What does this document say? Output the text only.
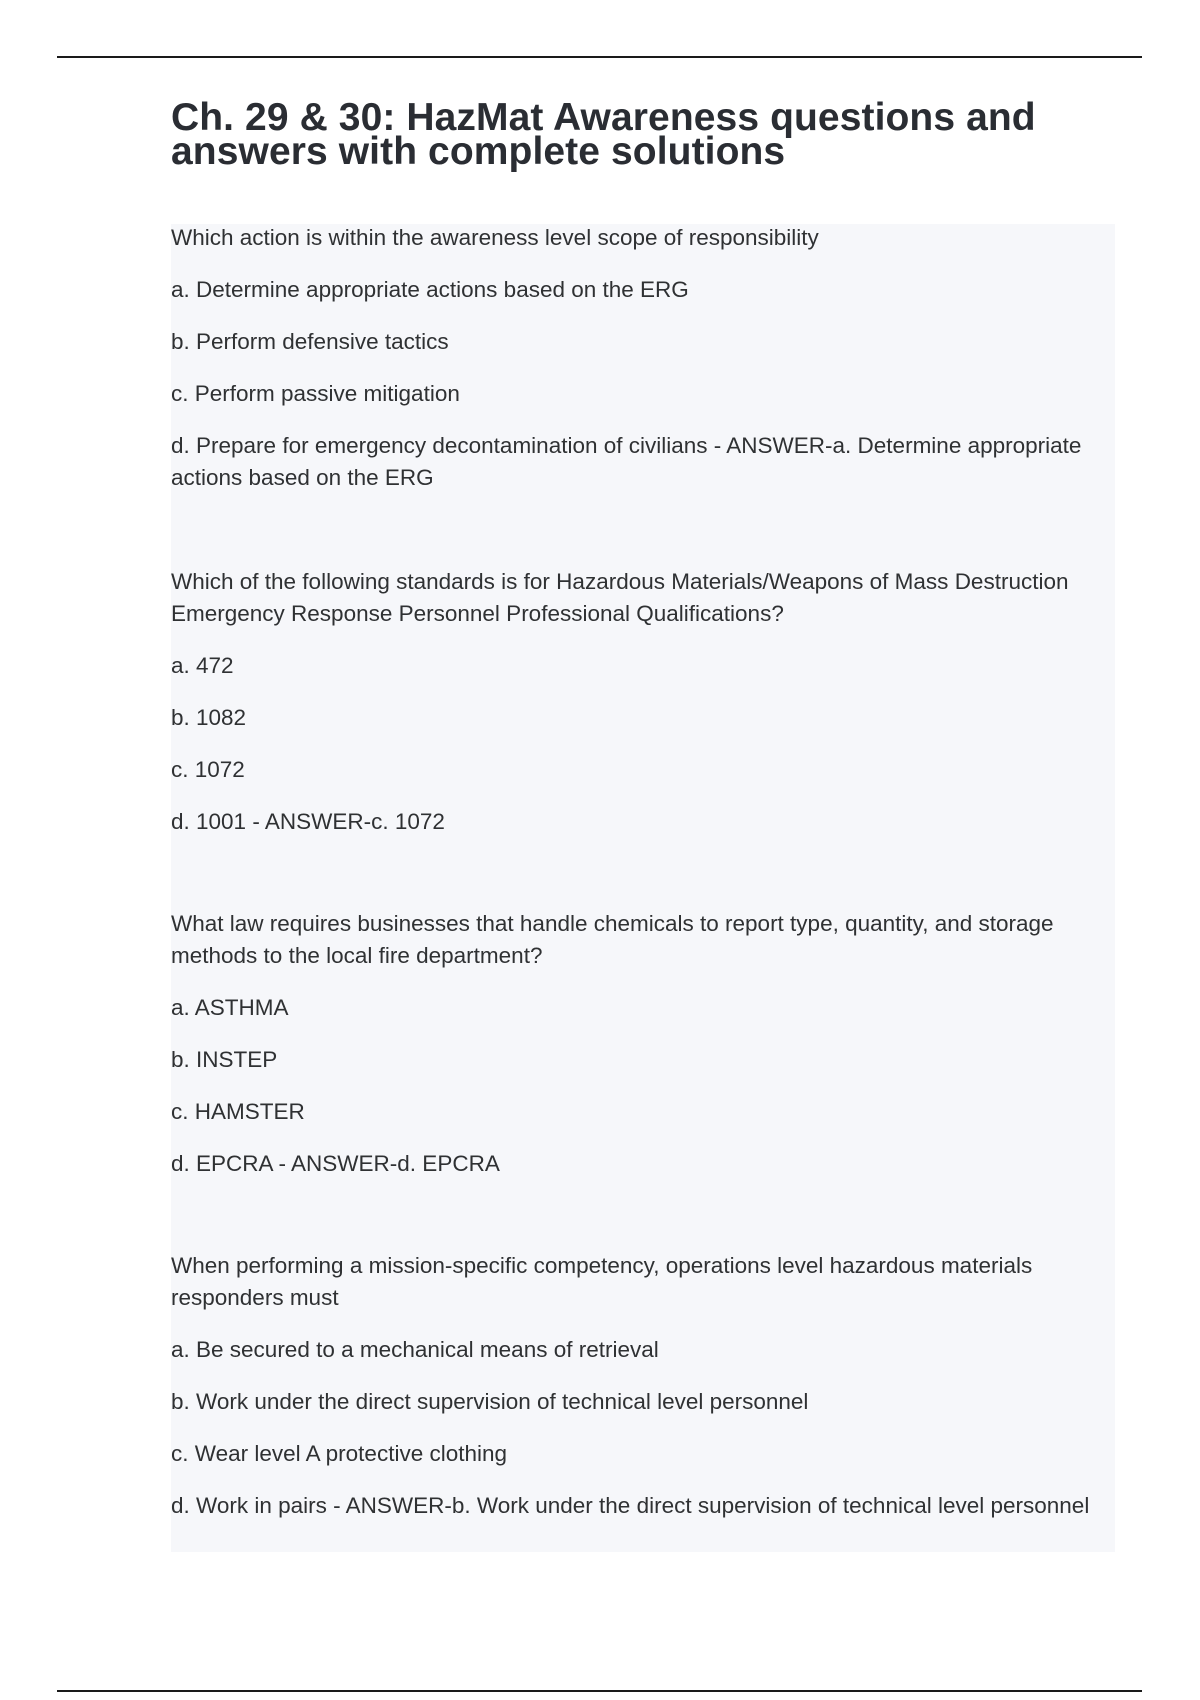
Ch. 29 & 30: HazMat Awareness questions and answers with complete solutions

Which action is within the awareness level scope of responsibility

a. Determine appropriate actions based on the ERG

b. Perform defensive tactics

c. Perform passive mitigation

d. Prepare for emergency decontamination of civilians - ANSWER-a. Determine appropriate actions based on the ERG

Which of the following standards is for Hazardous Materials/Weapons of Mass Destruction Emergency Response Personnel Professional Qualifications?

a. 472

b. 1082

c. 1072

d. 1001 - ANSWER-c. 1072

What law requires businesses that handle chemicals to report type, quantity, and storage methods to the local fire department?

a. ASTHMA

b. INSTEP

c. HAMSTER

d. EPCRA - ANSWER-d. EPCRA

When performing a mission-specific competency, operations level hazardous materials responders must

a. Be secured to a mechanical means of retrieval

b. Work under the direct supervision of technical level personnel

c. Wear level A protective clothing

d. Work in pairs - ANSWER-b. Work under the direct supervision of technical level personnel
